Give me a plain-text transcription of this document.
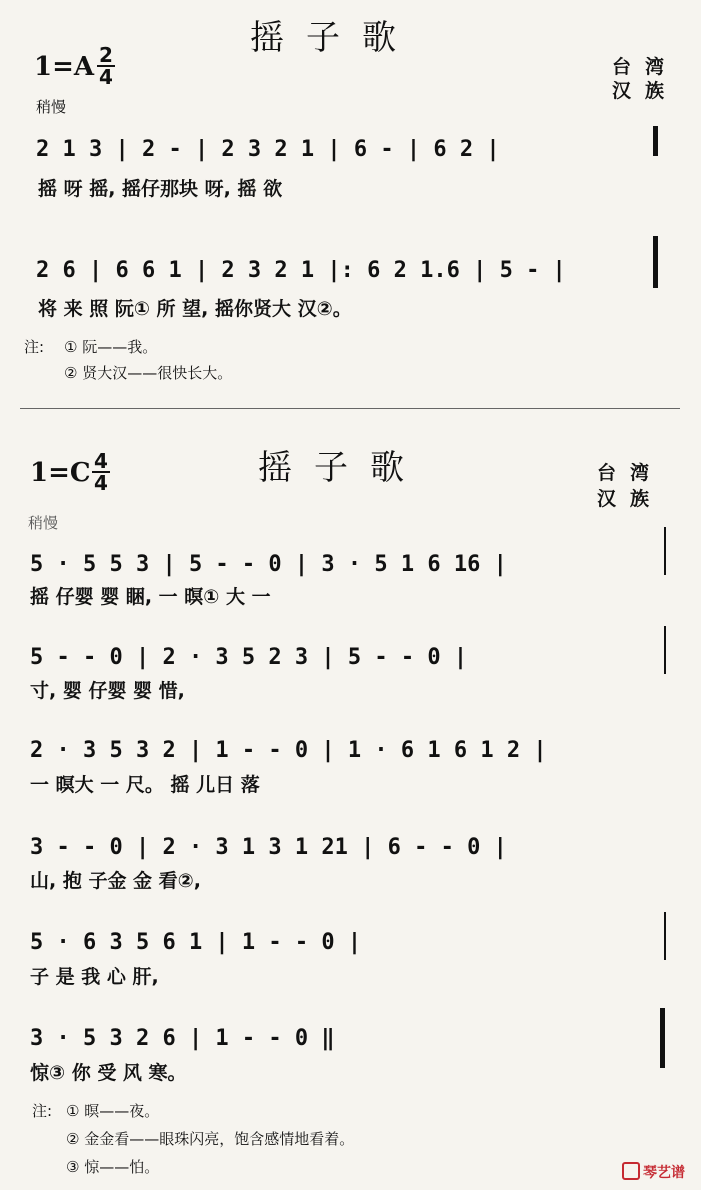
摇子歌
1=A 2
4	台湾
汉族
稍慢
2 1 3 | 2 - | 2 3 2 1 | 6 - | 6 2 |
摇 呀 摇, 摇仔那块 呀, 摇 欲
2 6 | 6 6 1 | 2 3 2 1 |: 6 2 1.6 | 5 - |
将 来 照 阮① 所 望, 摇你贤大 汉②。
注: ① 阮——我。
② 贤大汉——很快长大。
摇子歌
1=C 4
4	台湾
汉族
稍慢
5 · 5 5 3 | 5 - - 0 | 3 · 5 1 6 16 |
摇 仔婴 婴 睏, 一 暝① 大 一
5 - - 0 | 2 · 3 5 2 3 | 5 - - 0 |
寸, 婴 仔婴 婴 惜,
2 · 3 5 3 2 | 1 - - 0 | 1 · 6 1 6 1 2 |
一 暝大 一 尺。 摇 儿日 落
3 - - 0 | 2 · 3 1 3 1 21 | 6 - - 0 |
山, 抱 子金 金 看②,
5 · 6 3 5 6 1 | 1 - - 0 |
子 是 我 心 肝,
3 · 5 3 2 6 | 1 - - 0 ‖
惊③ 你 受 风 寒。
注: ① 暝——夜。
② 金金看——眼珠闪亮，饱含感情地看着。
③ 惊——怕。	琴艺谱
